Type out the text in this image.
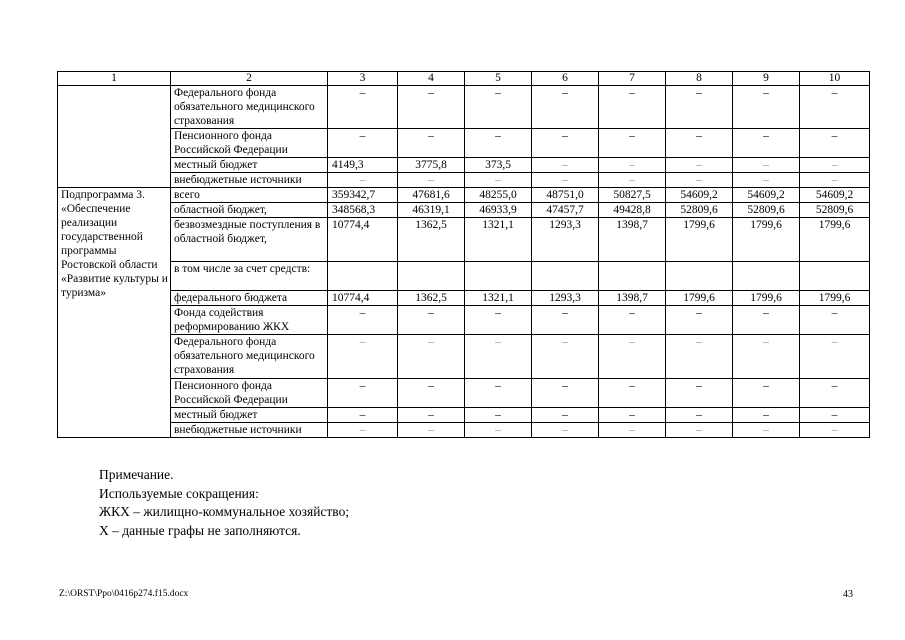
1	2	3	4	5	6	7	8	9	10
	Федерального фонда обязательного медицинского страхования	–	–	–	–	–	–	–	–
	Пенсионного фонда Российской Федерации	–	–	–	–	–	–	–	–
	местный бюджет	4149,3	3775,8	373,5	–	–	–	–	–
	внебюджетные источники	–	–	–	–	–	–	–	–
Подпрограмма 3. «Обеспечение реализации государственной программы Ростовской области «Развитие культуры и туризма»	всего	359342,7	47681,6	48255,0	48751,0	50827,5	54609,2	54609,2	54609,2
	областной бюджет,	348568,3	46319,1	46933,9	47457,7	49428,8	52809,6	52809,6	52809,6
	безвозмездные поступления в областной бюджет,	10774,4	1362,5	1321,1	1293,3	1398,7	1799,6	1799,6	1799,6
	в том числе за счет средств:								
	федерального бюджета	10774,4	1362,5	1321,1	1293,3	1398,7	1799,6	1799,6	1799,6
	Фонда содействия реформированию ЖКХ	–	–	–	–	–	–	–	–
	Федерального фонда обязательного медицинского страхования	–	–	–	–	–	–	–	–
	Пенсионного фонда Российской Федерации	–	–	–	–	–	–	–	–
	местный бюджет	–	–	–	–	–	–	–	–
	внебюджетные источники	–	–	–	–	–	–	–	–
Примечание.
Используемые сокращения:
ЖКХ – жилищно-коммунальное хозяйство;
Х – данные графы не заполняются.
Z:\ORST\Ppo\0416p274.f15.docx	43
